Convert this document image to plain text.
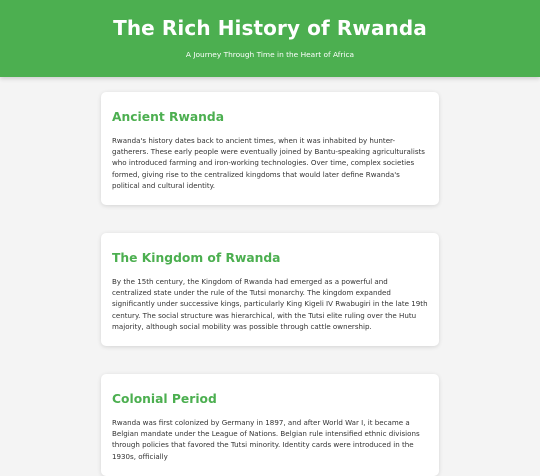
The Rich History of Rwanda

A Journey Through Time in the Heart of Africa

Ancient Rwanda

Rwanda's history dates back to ancient times, when it was inhabited by hunter-gatherers. These early people were eventually joined by Bantu-speaking agriculturalists who introduced farming and iron-working technologies. Over time, complex societies formed, giving rise to the centralized kingdoms that would later define Rwanda's political and cultural identity.

The Kingdom of Rwanda

By the 15th century, the Kingdom of Rwanda had emerged as a powerful and centralized state under the rule of the Tutsi monarchy. The kingdom expanded significantly under successive kings, particularly King Kigeli IV Rwabugiri in the late 19th century. The social structure was hierarchical, with the Tutsi elite ruling over the Hutu majority, although social mobility was possible through cattle ownership.

Colonial Period

Rwanda was first colonized by Germany in 1897, and after World War I, it became a Belgian mandate under the League of Nations. Belgian rule intensified ethnic divisions through policies that favored the Tutsi minority. Identity cards were introduced in the 1930s, officially
